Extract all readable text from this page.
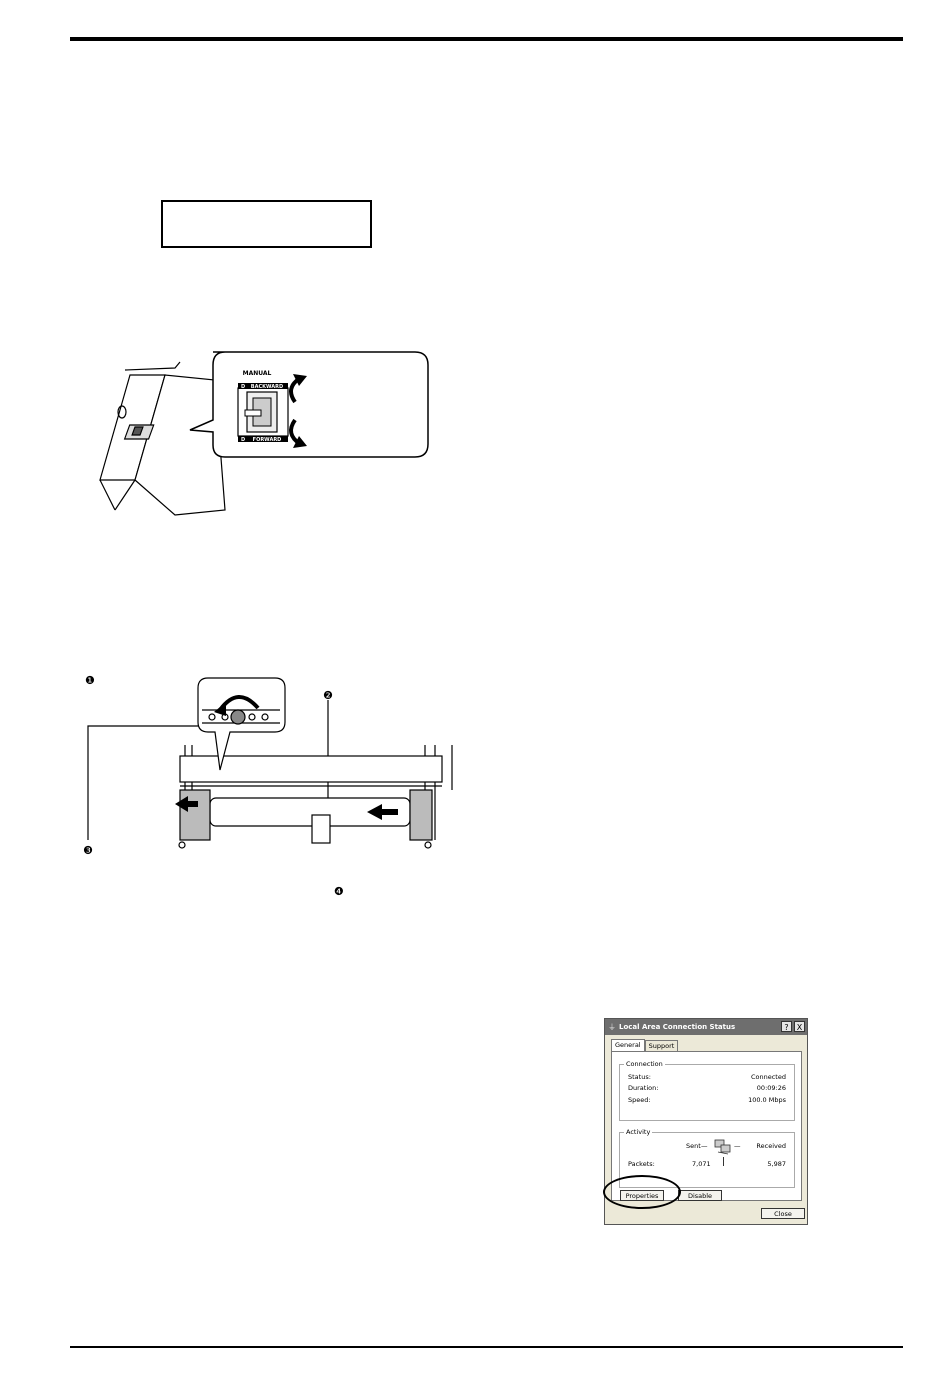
MANUAL
BACKWARD
FORWARD
D
D
❶
❷
❸
❹
⏚ Local Area Connection Status	?	X
General	Support
Connection
Status:	Connected
Duration:	00:09:26
Speed:	100.0 Mbps
Activity
Sent —	— Received
Packets:	7,071	5,987
Properties	Disable
Close
